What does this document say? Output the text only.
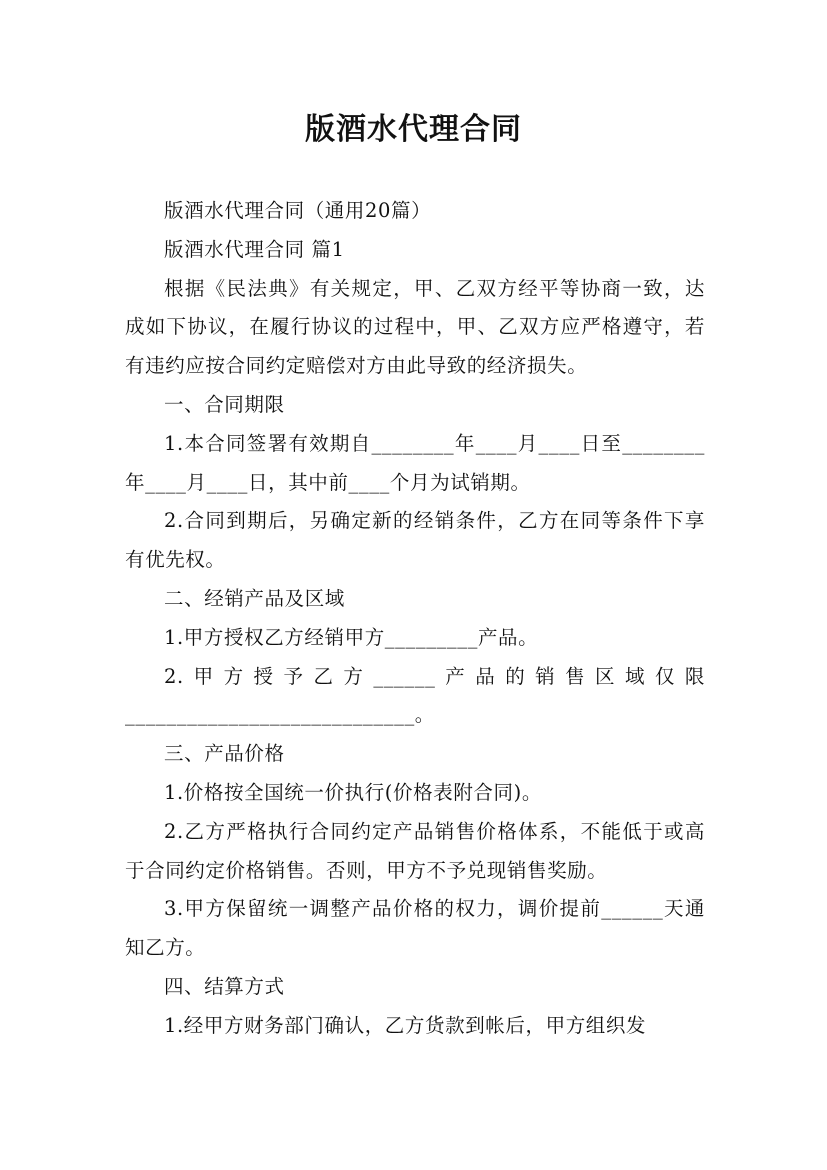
版酒水代理合同

版酒水代理合同（通用20篇）

版酒水代理合同 篇1

根据《民法典》有关规定，甲、乙双方经平等协商一致，达成如下协议，在履行协议的过程中，甲、乙双方应严格遵守，若有违约应按合同约定赔偿对方由此导致的经济损失。

一、合同期限

1.本合同签署有效期自________年____月____日至________年____月____日，其中前____个月为试销期。

2.合同到期后，另确定新的经销条件，乙方在同等条件下享有优先权。

二、经销产品及区域

1.甲方授权乙方经销甲方_________产品。

2.甲方授予乙方______产品的销售区域仅限____________________________。

三、产品价格

1.价格按全国统一价执行(价格表附合同)。

2.乙方严格执行合同约定产品销售价格体系，不能低于或高于合同约定价格销售。否则，甲方不予兑现销售奖励。

3.甲方保留统一调整产品价格的权力，调价提前______天通知乙方。

四、结算方式

1.经甲方财务部门确认，乙方货款到帐后，甲方组织发
